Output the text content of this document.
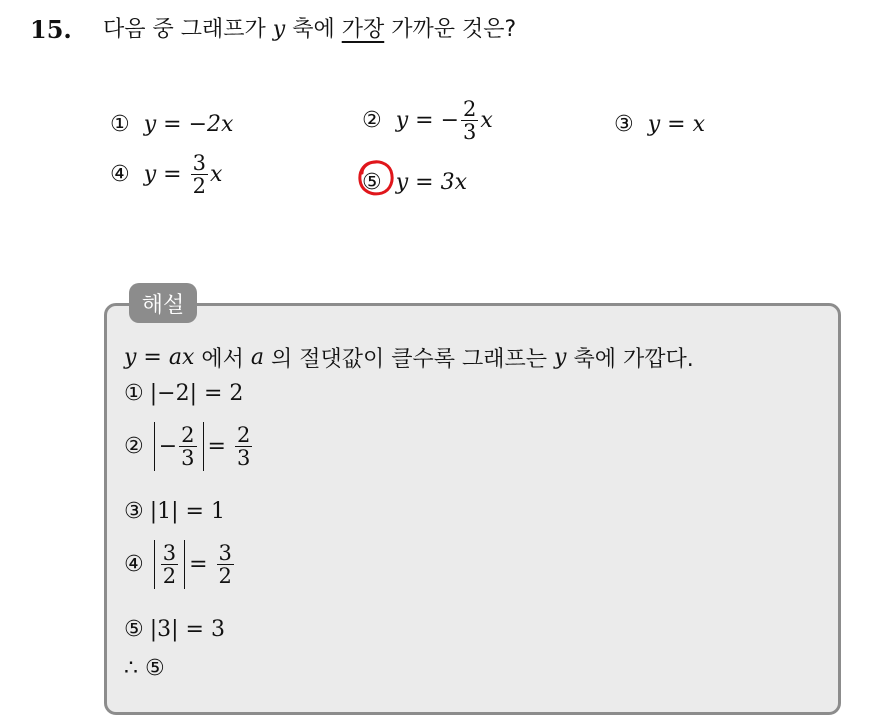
15. 다음 중 그래프가 y 축에 가장 가까운 것은?
① y
=
−2x	② y
=
− $\frac{2}{3}$ x	③ y
=
x
④ y
=
$\frac{3}{2}$ x	⑤ y
=
3x
해설
y = ax
에서
a
의 절댓값이 클수록 그래프는
y
축에 가깝다.
① |−2| = 2
② − $\frac{2}{3}$ =
$\frac{2}{3}$
③ |1| = 1
④ $\frac{3}{2}$ =
$\frac{3}{2}$
⑤ |3| = 3
∴
⑤
